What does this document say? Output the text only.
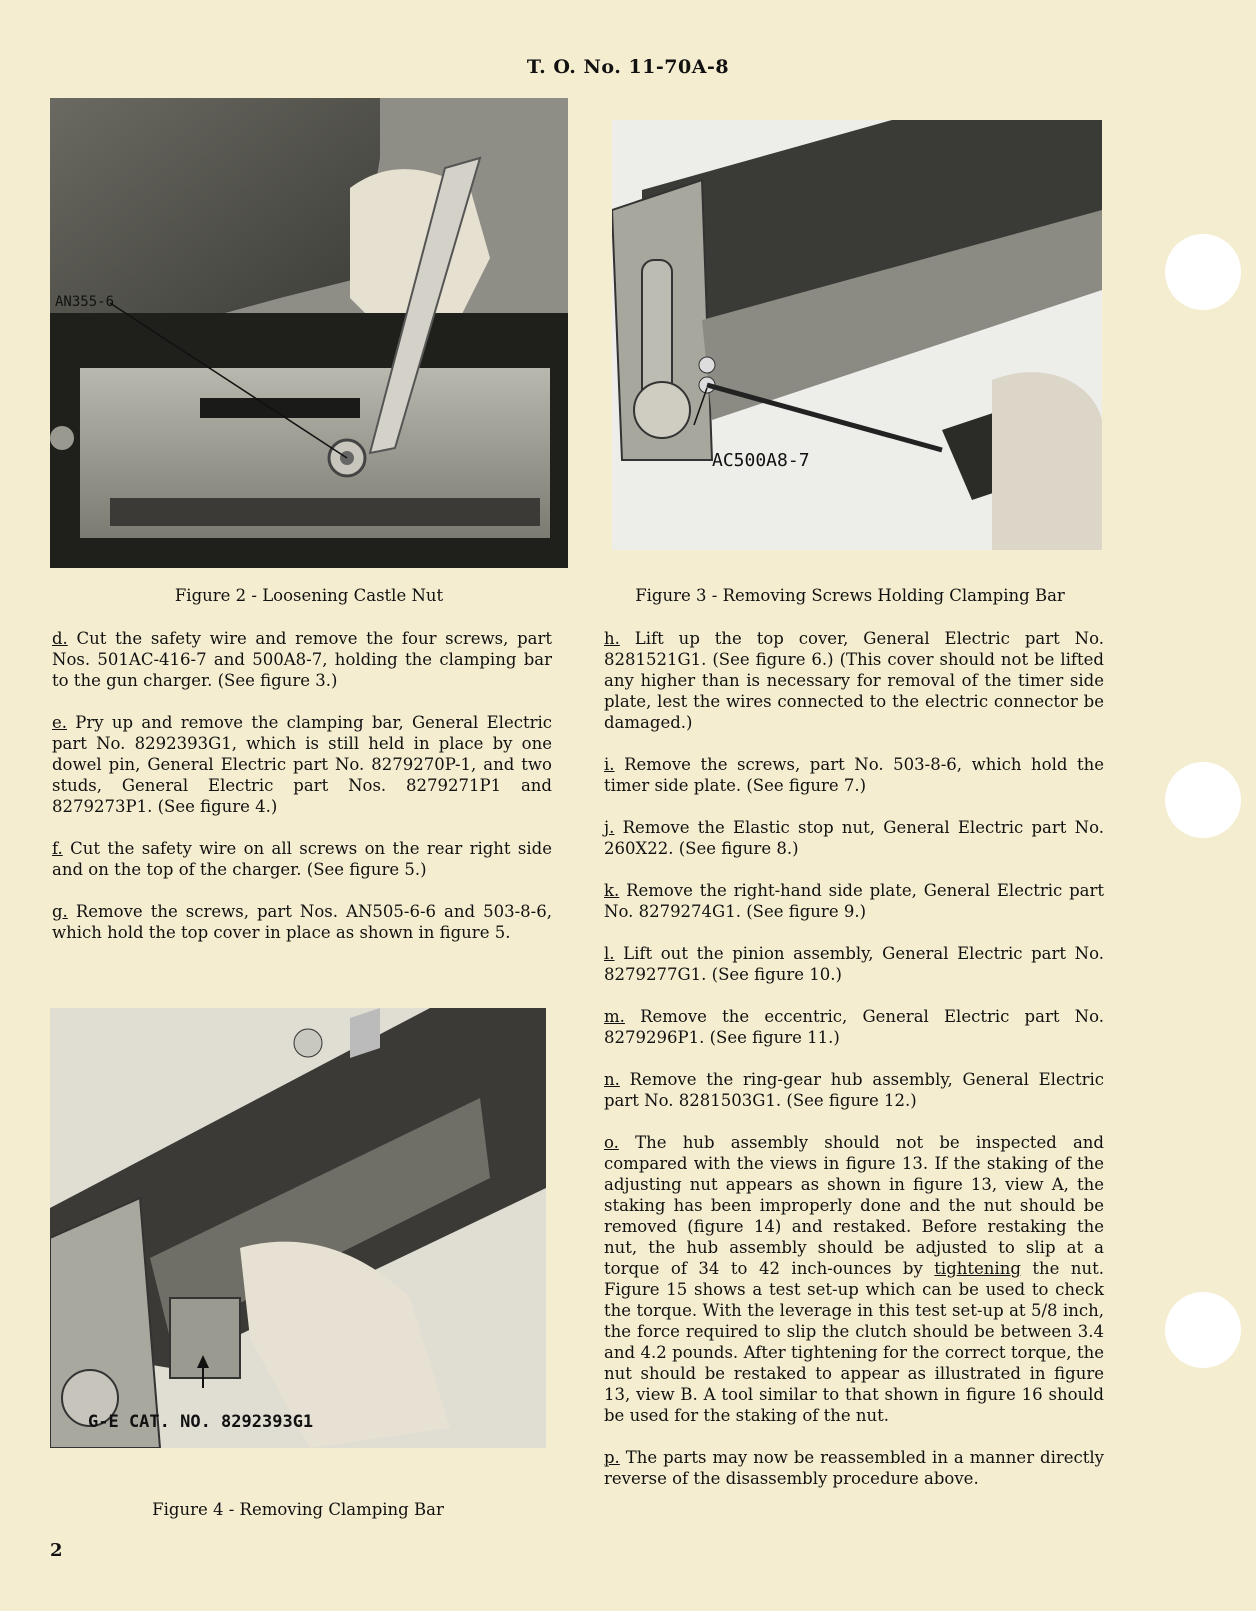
T. O. No. 11-70A-8
AN355-6
Figure 2 - Loosening Castle Nut
AC500A8-7
Figure 3 - Removing Screws Holding Clamping Bar

d. Cut the safety wire and remove the four screws, part Nos. 501AC-416-7 and 500A8-7, holding the clamping bar to the gun charger. (See figure 3.)

e. Pry up and remove the clamping bar, General Electric part No. 8292393G1, which is still held in place by one dowel pin, General Electric part No. 8279270P-1, and two studs, General Electric part Nos. 8279271P1 and 8279273P1. (See figure 4.)

f. Cut the safety wire on all screws on the rear right side and on the top of the charger. (See figure 5.)

g. Remove the screws, part Nos. AN505-6-6 and 503-8-6, which hold the top cover in place as shown in figure 5.

G-E CAT. NO. 8292393G1
Figure 4 - Removing Clamping Bar

h. Lift up the top cover, General Electric part No. 8281521G1. (See figure 6.) (This cover should not be lifted any higher than is necessary for removal of the timer side plate, lest the wires connected to the electric connector be damaged.)

i. Remove the screws, part No. 503-8-6, which hold the timer side plate. (See figure 7.)

j. Remove the Elastic stop nut, General Electric part No. 260X22. (See figure 8.)

k. Remove the right-hand side plate, General Electric part No. 8279274G1. (See figure 9.)

l. Lift out the pinion assembly, General Electric part No. 8279277G1. (See figure 10.)

m. Remove the eccentric, General Electric part No. 8279296P1. (See figure 11.)

n. Remove the ring-gear hub assembly, General Electric part No. 8281503G1. (See figure 12.)

o. The hub assembly should not be inspected and compared with the views in figure 13. If the staking of the adjusting nut appears as shown in figure 13, view A, the staking has been improperly done and the nut should be removed (figure 14) and restaked. Before restaking the nut, the hub assembly should be adjusted to slip at a torque of 34 to 42 inch-ounces by tightening the nut. Figure 15 shows a test set-up which can be used to check the torque. With the leverage in this test set-up at 5/8 inch, the force required to slip the clutch should be between 3.4 and 4.2 pounds. After tightening for the correct torque, the nut should be restaked to appear as illustrated in figure 13, view B. A tool similar to that shown in figure 16 should be used for the staking of the nut.

p. The parts may now be reassembled in a manner directly reverse of the disassembly procedure above.

2
